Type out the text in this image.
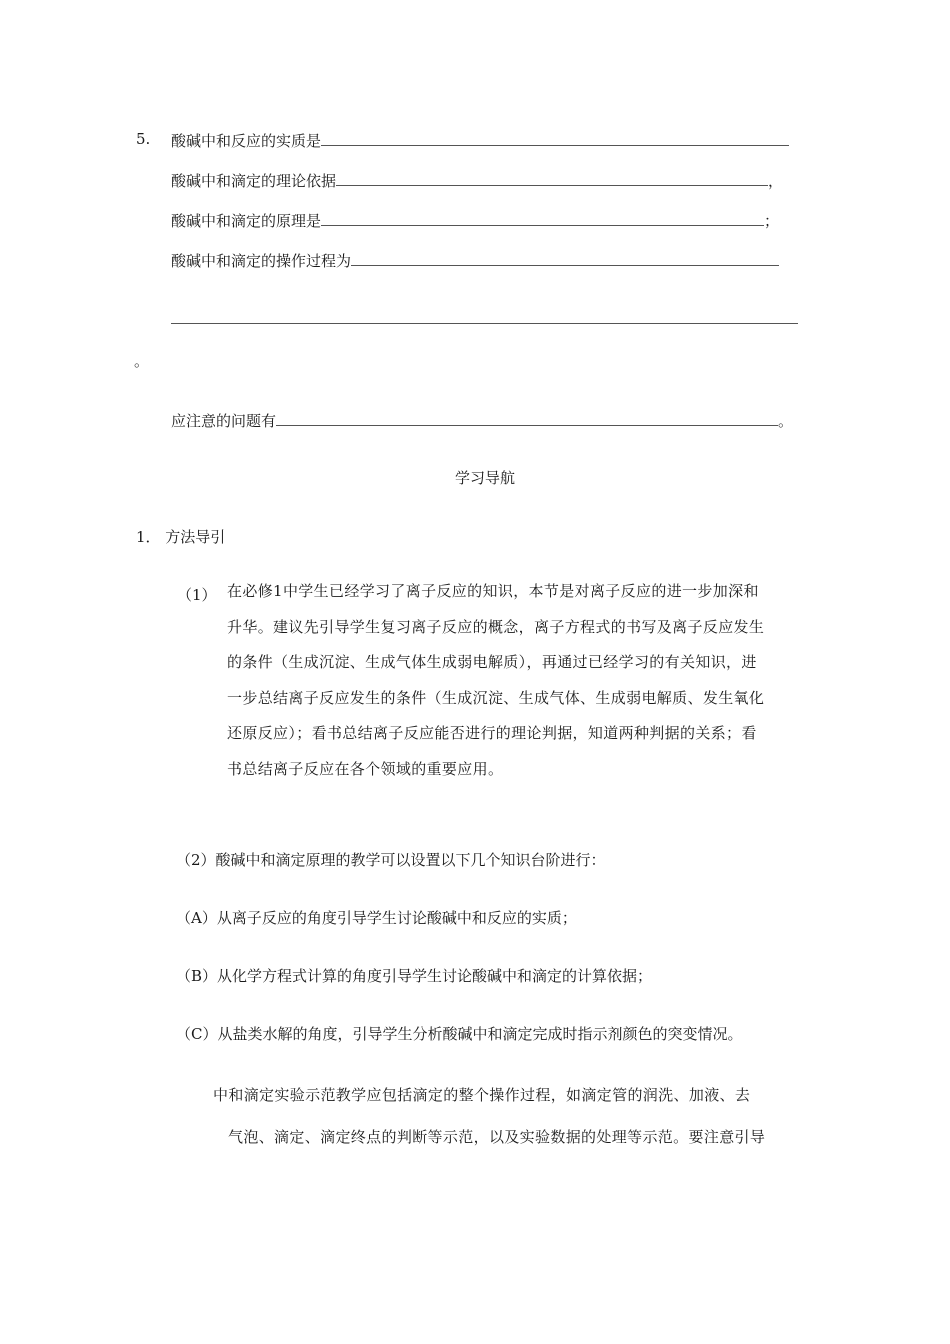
5. 酸碱中和反应的实质是
酸碱中和滴定的理论依据	，
酸碱中和滴定的原理是	；
酸碱中和滴定的操作过程为
。
应注意的问题有	。
学习导航
1． 方法导引
（1） 在必修1中学生已经学习了离子反应的知识，本节是对离子反应的进一步加深和
升华。建议先引导学生复习离子反应的概念，离子方程式的书写及离子反应发生
的条件（生成沉淀、生成气体生成弱电解质），再通过已经学习的有关知识，进
一步总结离子反应发生的条件（生成沉淀、生成气体、生成弱电解质、发生氧化
还原反应）；看书总结离子反应能否进行的理论判据，知道两种判据的关系；看
书总结离子反应在各个领域的重要应用。
（2）酸碱中和滴定原理的教学可以设置以下几个知识台阶进行：
（A）从离子反应的角度引导学生讨论酸碱中和反应的实质；
（B）从化学方程式计算的角度引导学生讨论酸碱中和滴定的计算依据；
（C）从盐类水解的角度，引导学生分析酸碱中和滴定完成时指示剂颜色的突变情况。
中和滴定实验示范教学应包括滴定的整个操作过程，如滴定管的润洗、加液、去
气泡、滴定、滴定终点的判断等示范，以及实验数据的处理等示范。要注意引导
